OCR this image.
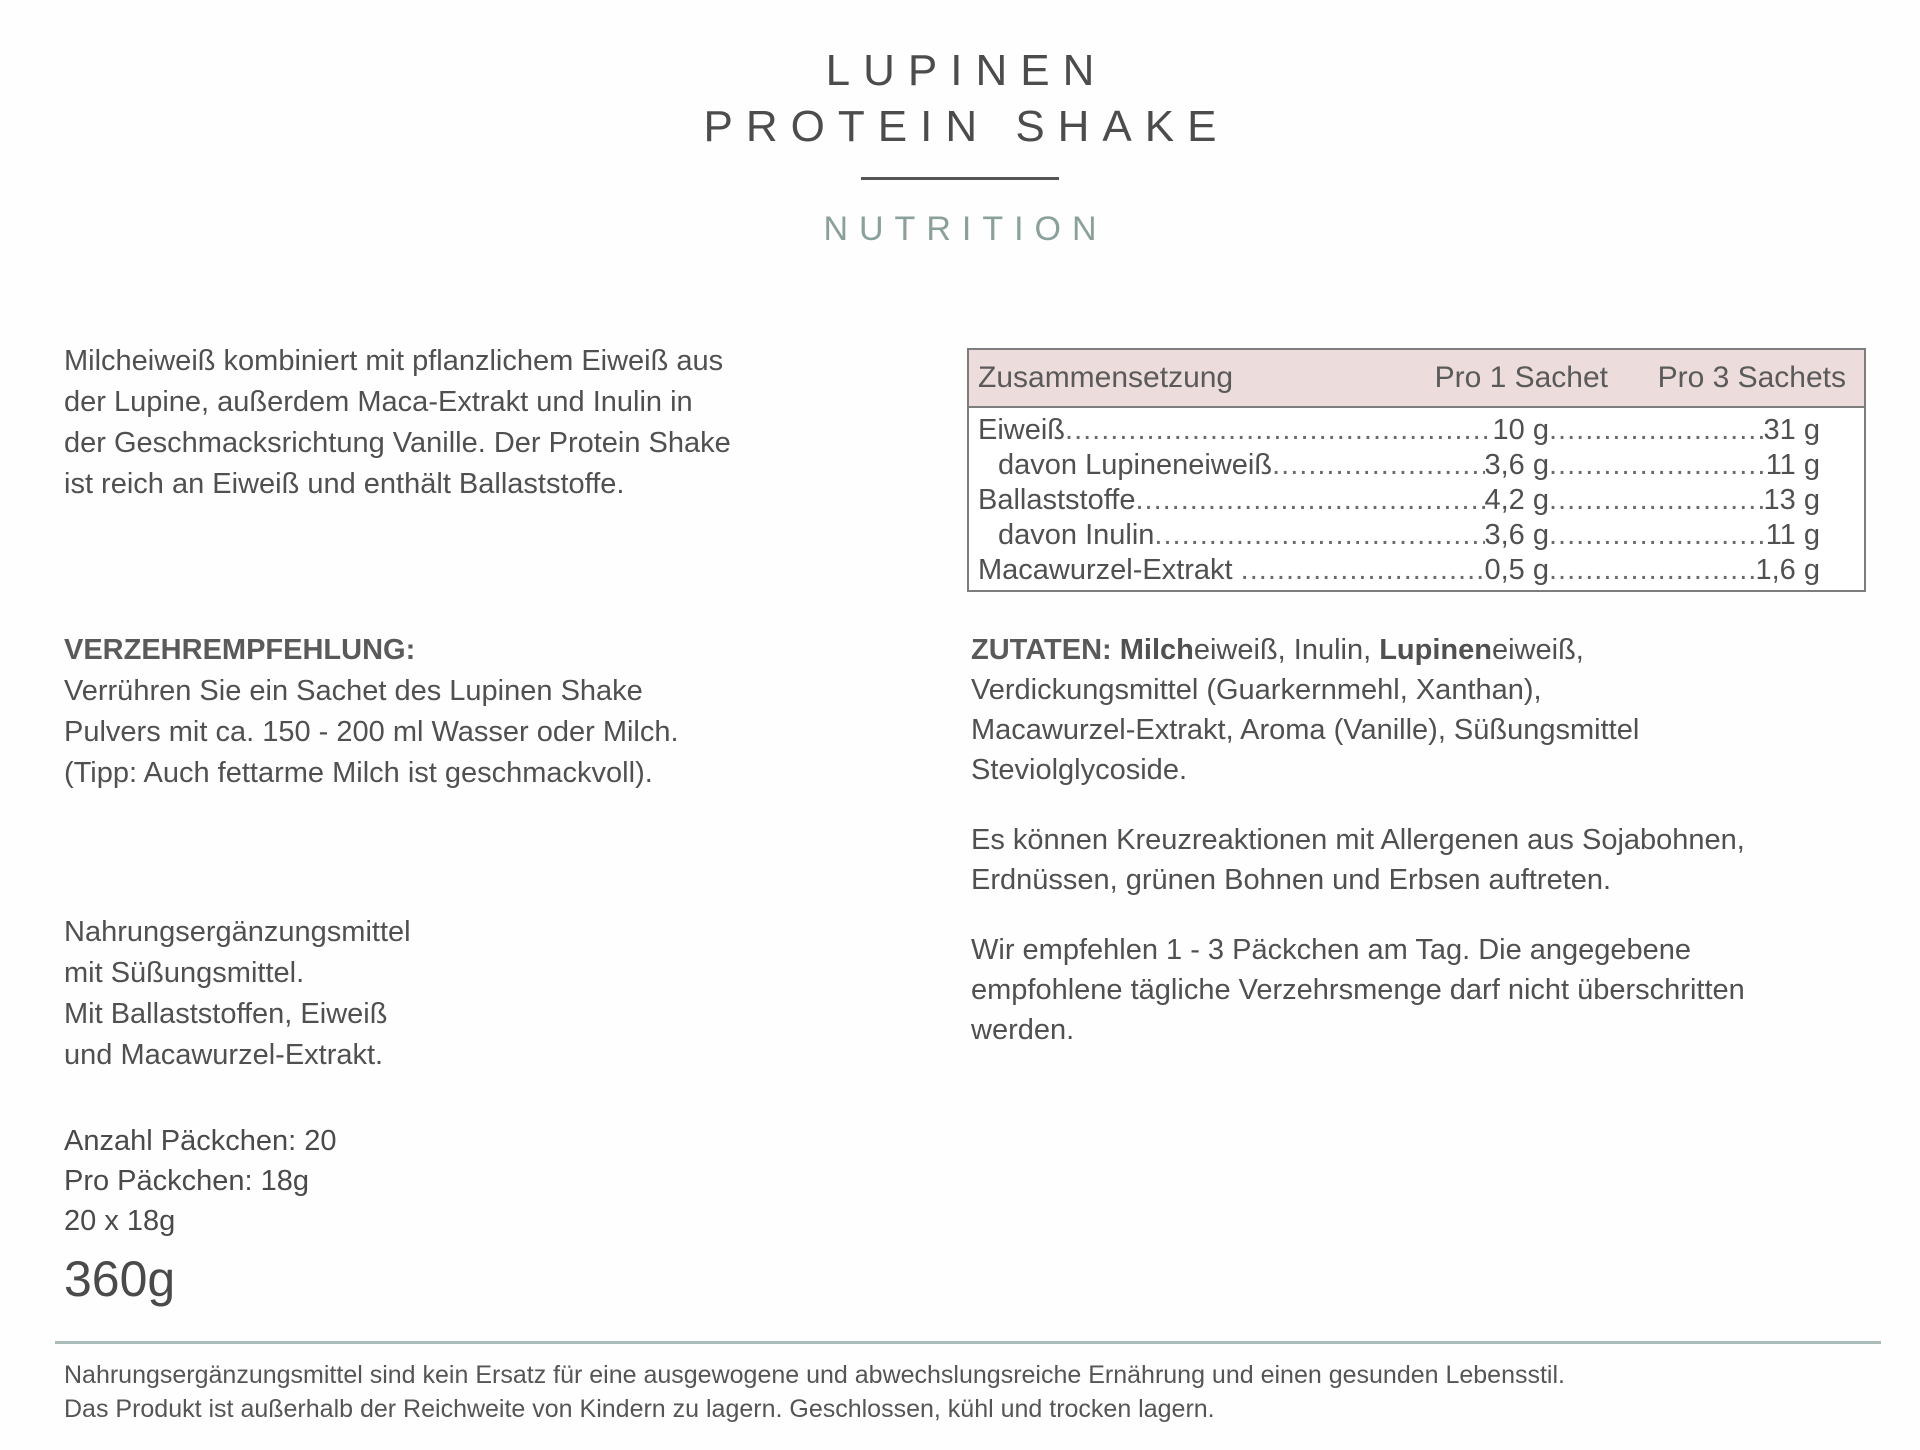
LUPINEN
PROTEIN SHAKE
NUTRITION

Milcheiweiß kombiniert mit pflanzlichem Eiweiß aus

der Lupine, außerdem Maca-Extrakt und Inulin in

der Geschmacksrichtung Vanille. Der Protein Shake

ist reich an Eiweiß und enthält Ballaststoffe.

VERZEHREMPFEHLUNG:

Verrühren Sie ein Sachet des Lupinen Shake

Pulvers mit ca. 150 - 200 ml Wasser oder Milch.

(Tipp: Auch fettarme Milch ist geschmackvoll).

Nahrungsergänzungsmittel

mit Süßungsmittel.

Mit Ballaststoffen, Eiweiß

und Macawurzel-Extrakt.

Anzahl Päckchen: 20
Pro Päckchen: 18g
20 x 18g
360g
Zusammensetzung	Pro 1 Sachet	Pro 3 Sachets
Eiweiß .....	10 g .....	31 g
davon Lupineneiweiß .....	3,6 g .....	11 g
Ballaststoffe .....	4,2 g .....	13 g
davon Inulin .....	3,6 g .....	11 g
Macawurzel-Extrakt .....	0,5 g .....	1,6 g

ZUTATEN: Milcheiweiß, Inulin, Lupineneiweiß,

Verdickungsmittel (Guarkernmehl, Xanthan),

Macawurzel-Extrakt, Aroma (Vanille), Süßungsmittel

Steviolglycoside.

Es können Kreuzreaktionen mit Allergenen aus Sojabohnen,

Erdnüssen, grünen Bohnen und Erbsen auftreten.

Wir empfehlen 1 - 3 Päckchen am Tag. Die angegebene

empfohlene tägliche Verzehrsmenge darf nicht überschritten

werden.

Nahrungsergänzungsmittel sind kein Ersatz für eine ausgewogene und abwechslungsreiche Ernährung und einen gesunden Lebensstil.
Das Produkt ist außerhalb der Reichweite von Kindern zu lagern. Geschlossen, kühl und trocken lagern.
